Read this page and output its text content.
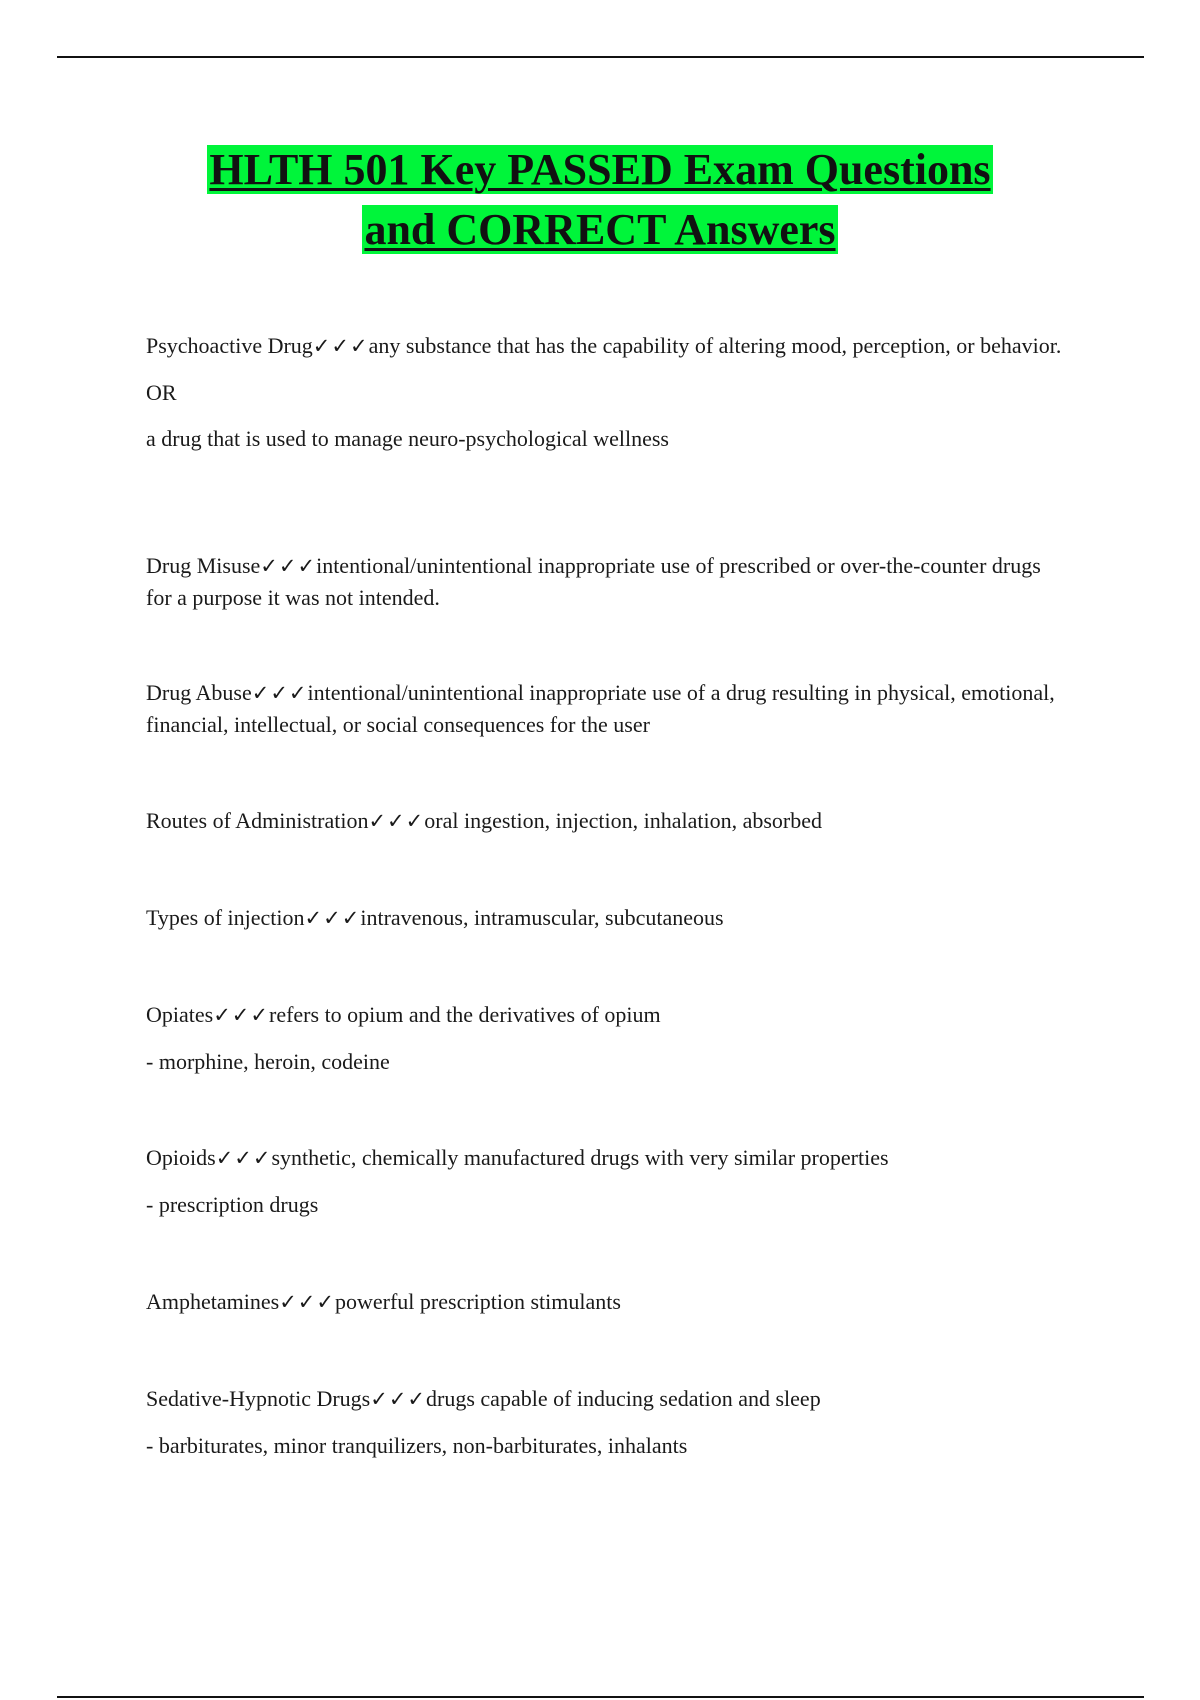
HLTH 501 Key PASSED Exam Questions
and CORRECT Answers

Psychoactive Drug✓✓✓any substance that has the capability of altering mood, perception, or behavior.

OR

a drug that is used to manage neuro-psychological wellness

Drug Misuse✓✓✓intentional/unintentional inappropriate use of prescribed or over-the-counter drugs for a purpose it was not intended.

Drug Abuse✓✓✓intentional/unintentional inappropriate use of a drug resulting in physical, emotional, financial, intellectual, or social consequences for the user

Routes of Administration✓✓✓oral ingestion, injection, inhalation, absorbed

Types of injection✓✓✓intravenous, intramuscular, subcutaneous

Opiates✓✓✓refers to opium and the derivatives of opium

- morphine, heroin, codeine

Opioids✓✓✓synthetic, chemically manufactured drugs with very similar properties

- prescription drugs

Amphetamines✓✓✓powerful prescription stimulants

Sedative-Hypnotic Drugs✓✓✓drugs capable of inducing sedation and sleep

- barbiturates, minor tranquilizers, non-barbiturates, inhalants
